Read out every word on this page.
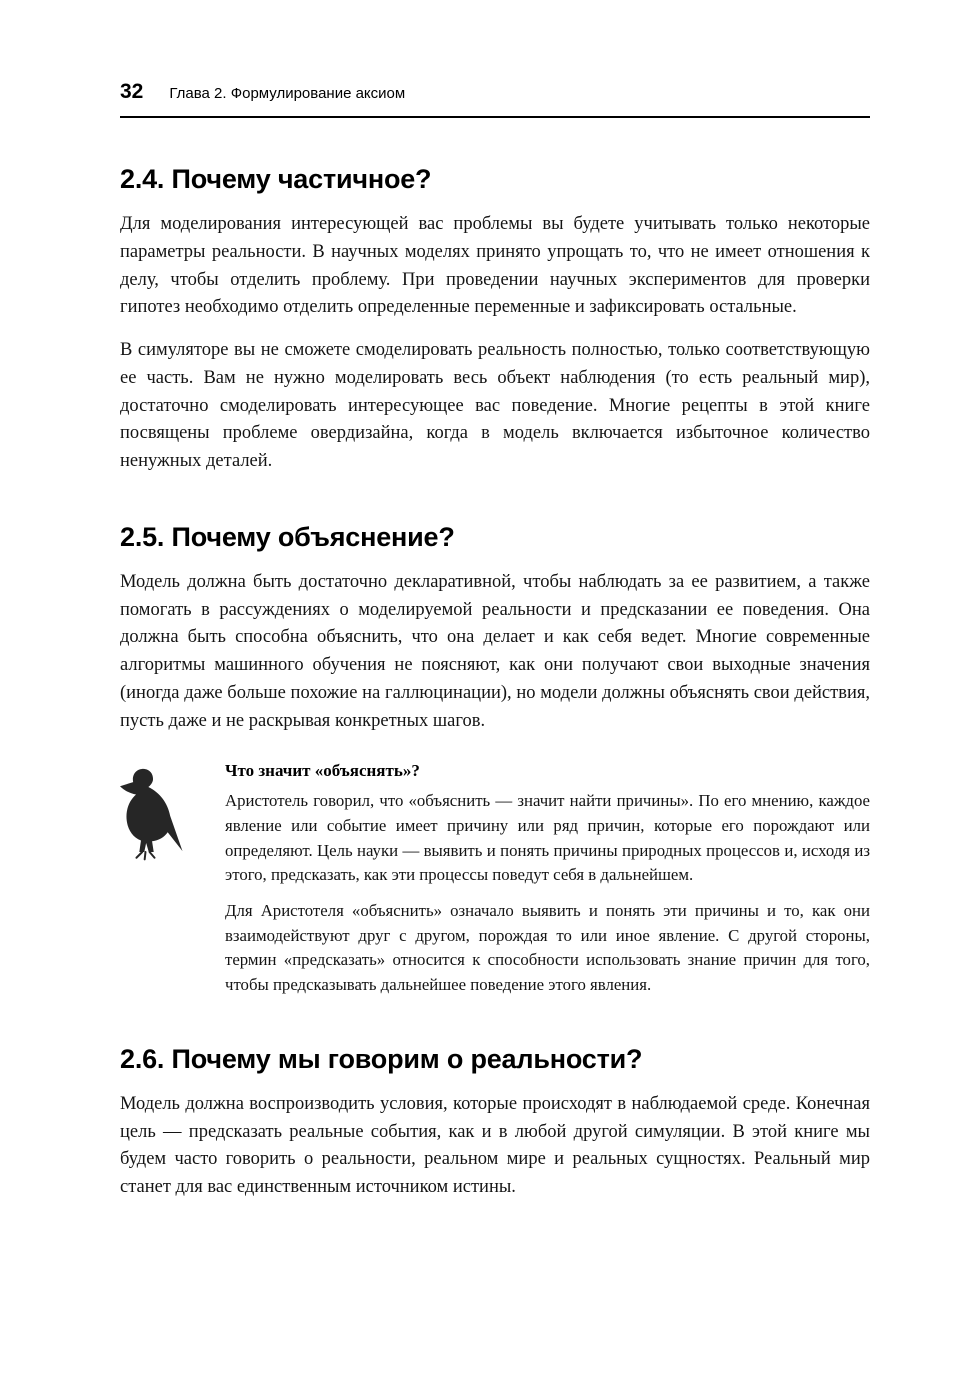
32 Глава 2. Формулирование аксиом
2.4. Почему частичное?

Для моделирования интересующей вас проблемы вы будете учитывать только некоторые параметры реальности. В научных моделях принято упрощать то, что не имеет отношения к делу, чтобы отделить проблему. При проведении научных экспериментов для проверки гипотез необходимо отделить определенные переменные и зафиксировать остальные.

В симуляторе вы не сможете смоделировать реальность полностью, только соответствующую ее часть. Вам не нужно моделировать весь объект наблюдения (то есть реальный мир), достаточно смоделировать интересующее вас поведение. Многие рецепты в этой книге посвящены проблеме овердизайна, когда в модель включается избыточное количество ненужных деталей.

2.5. Почему объяснение?

Модель должна быть достаточно декларативной, чтобы наблюдать за ее развитием, а также помогать в рассуждениях о моделируемой реальности и предсказании ее поведения. Она должна быть способна объяснить, что она делает и как себя ведет. Многие современные алгоритмы машинного обучения не поясняют, как они получают свои выходные значения (иногда даже больше похожие на галлюцинации), но модели должны объяснять свои действия, пусть даже и не раскрывая конкретных шагов.

Что значит «объяснять»?

Аристотель говорил, что «объяснить — значит найти причины». По его мнению, каждое явление или событие имеет причину или ряд причин, которые его порождают или определяют. Цель науки — выявить и понять причины природных процессов и, исходя из этого, предсказать, как эти процессы поведут себя в дальнейшем.

Для Аристотеля «объяснить» означало выявить и понять эти причины и то, как они взаимодействуют друг с другом, порождая то или иное явление. С другой стороны, термин «предсказать» относится к способности использовать знание причин для того, чтобы предсказывать дальнейшее поведение этого явления.

2.6. Почему мы говорим о реальности?

Модель должна воспроизводить условия, которые происходят в наблюдаемой среде. Конечная цель — предсказать реальные события, как и в любой другой симуляции. В этой книге мы будем часто говорить о реальности, реальном мире и реальных сущностях. Реальный мир станет для вас единственным источником истины.
